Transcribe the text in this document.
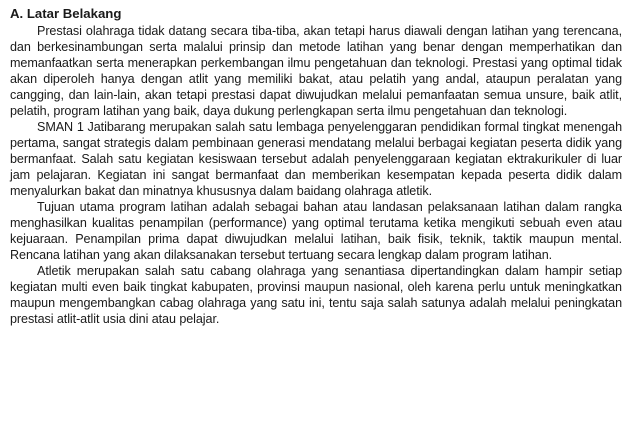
A. Latar Belakang

Prestasi olahraga tidak datang secara tiba-tiba, akan tetapi harus diawali dengan latihan yang terencana, dan berkesinambungan serta malalui prinsip dan metode latihan yang benar dengan memperhatikan dan memanfaatkan serta menerapkan perkembangan ilmu pengetahuan dan teknologi. Prestasi yang optimal tidak akan diperoleh hanya dengan atlit yang memiliki bakat, atau pelatih yang andal, ataupun peralatan yang cangging, dan lain-lain, akan tetapi prestasi dapat diwujudkan melalui pemanfaatan semua unsure, baik atlit, pelatih, program latihan yang baik, daya dukung perlengkapan serta ilmu pengetahuan dan teknologi.

SMAN 1 Jatibarang merupakan salah satu lembaga penyelenggaran pendidikan formal tingkat menengah pertama, sangat strategis dalam pembinaan generasi mendatang melalui berbagai kegiatan peserta didik yang bermanfaat. Salah satu kegiatan kesiswaan tersebut adalah penyelenggaraan kegiatan ektrakurikuler di luar jam pelajaran. Kegiatan ini sangat bermanfaat dan memberikan kesempatan kepada peserta didik dalam menyalurkan bakat dan minatnya khususnya dalam baidang olahraga atletik.

Tujuan utama program latihan adalah sebagai bahan atau landasan pelaksanaan latihan dalam rangka menghasilkan kualitas penampilan (performance) yang optimal terutama ketika mengikuti sebuah even atau kejuaraan. Penampilan prima dapat diwujudkan melalui latihan, baik fisik, teknik, taktik maupun mental. Rencana latihan yang akan dilaksanakan tersebut tertuang secara lengkap dalam program latihan.

Atletik merupakan salah satu cabang olahraga yang senantiasa dipertandingkan dalam hampir setiap kegiatan multi even baik tingkat kabupaten, provinsi maupun nasional, oleh karena perlu untuk meningkatkan maupun mengembangkan cabag olahraga yang satu ini, tentu saja salah satunya adalah melalui peningkatan prestasi atlit-atlit usia dini atau pelajar.
